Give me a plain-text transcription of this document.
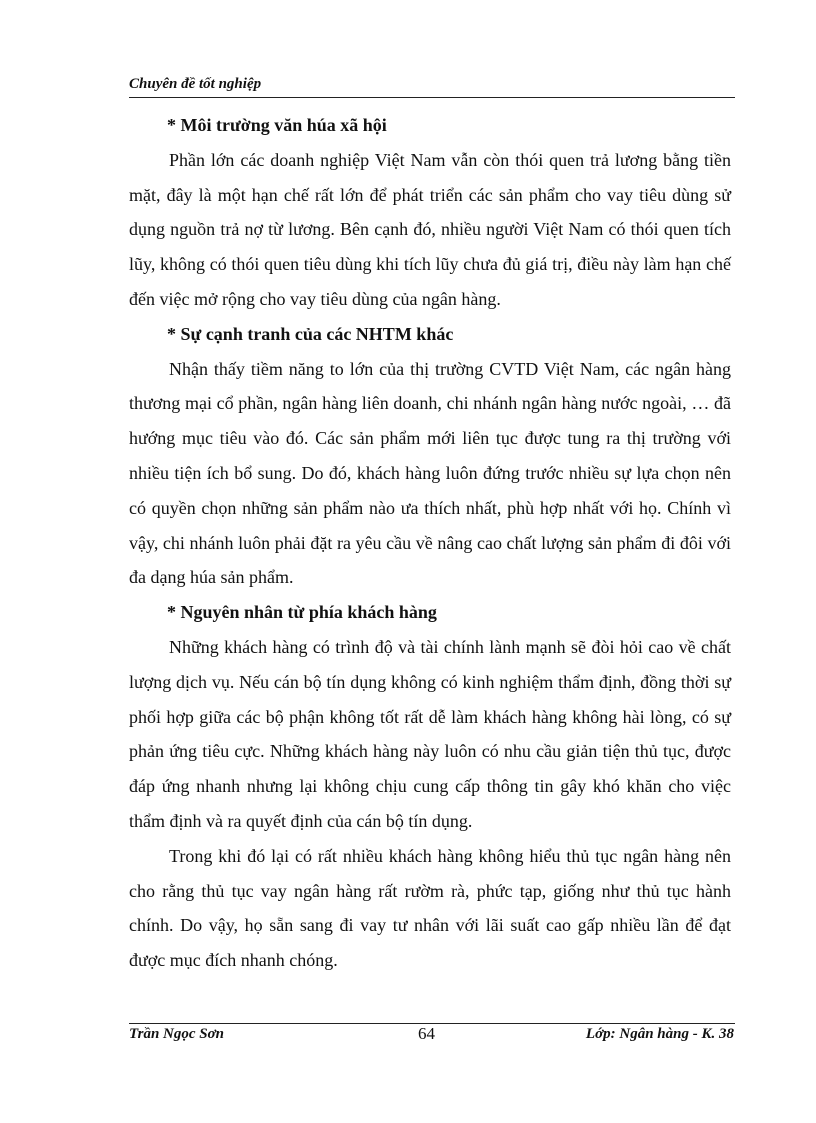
Chuyên đề tốt nghiệp
* Môi trường văn húa xã hội

Phần lớn các doanh nghiệp Việt Nam vẫn còn thói quen trả lương bằng tiền mặt, đây là một hạn chế rất lớn để phát triển các sản phẩm cho vay tiêu dùng sử dụng nguồn trả nợ từ lương. Bên cạnh đó, nhiều người Việt Nam có thói quen tích lũy, không có thói quen tiêu dùng khi tích lũy chưa đủ giá trị, điều này làm hạn chế đến việc mở rộng cho vay tiêu dùng của ngân hàng.

* Sự cạnh tranh của các NHTM khác

Nhận thấy tiềm năng to lớn của thị trường CVTD Việt Nam, các ngân hàng thương mại cổ phần, ngân hàng liên doanh, chi nhánh ngân hàng nước ngoài, … đã hướng mục tiêu vào đó. Các sản phẩm mới liên tục được tung ra thị trường với nhiều tiện ích bổ sung. Do đó, khách hàng luôn đứng trước nhiều sự lựa chọn nên có quyền chọn những sản phẩm nào ưa thích nhất, phù hợp nhất với họ. Chính vì vậy, chi nhánh luôn phải đặt ra yêu cầu về nâng cao chất lượng sản phẩm đi đôi với đa dạng húa sản phẩm.

* Nguyên nhân từ phía khách hàng

Những khách hàng có trình độ và tài chính lành mạnh sẽ đòi hỏi cao về chất lượng dịch vụ. Nếu cán bộ tín dụng không có kinh nghiệm thẩm định, đồng thời sự phối hợp giữa các bộ phận không tốt rất dễ làm khách hàng không hài lòng, có sự phản ứng tiêu cực. Những khách hàng này luôn có nhu cầu giản tiện thủ tục, được đáp ứng nhanh nhưng lại không chịu cung cấp thông tin gây khó khăn cho việc thẩm định và ra quyết định của cán bộ tín dụng.

Trong khi đó lại có rất nhiều khách hàng không hiểu thủ tục ngân hàng nên cho rằng thủ tục vay ngân hàng rất rườm rà, phức tạp, giống như thủ tục hành chính. Do vậy, họ sẵn sang đi vay tư nhân với lãi suất cao gấp nhiều lần để đạt được mục đích nhanh chóng.

Trần Ngọc Sơn	64	Lớp: Ngân hàng - K. 38
